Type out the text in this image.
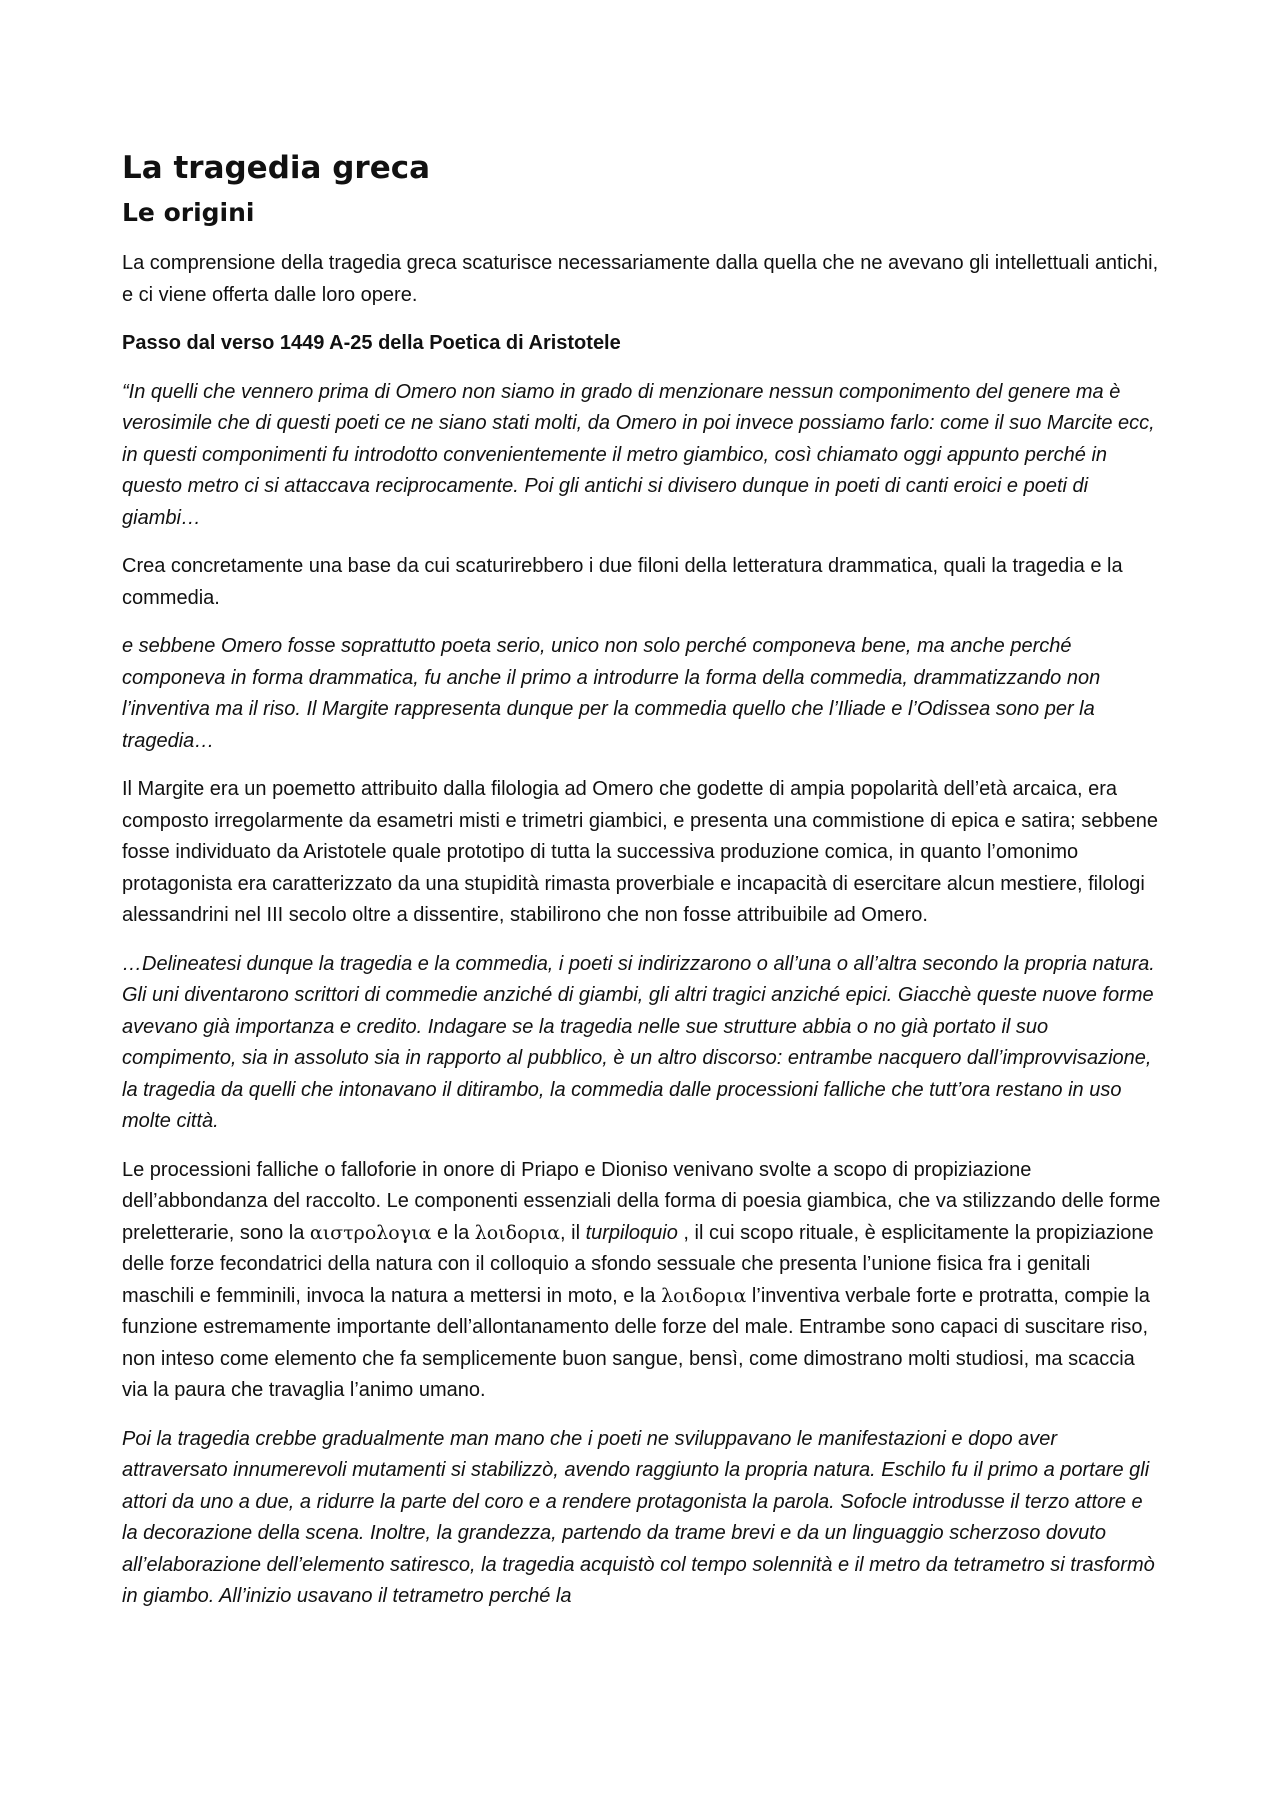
La tragedia greca
Le origini

La comprensione della tragedia greca scaturisce necessariamente dalla quella che ne avevano gli intellettuali antichi, e ci viene offerta dalle loro opere.

Passo dal verso 1449 A-25 della Poetica di Aristotele

“In quelli che vennero prima di Omero non siamo in grado di menzionare nessun componimento del genere ma è verosimile che di questi poeti ce ne siano stati molti, da Omero in poi invece possiamo farlo: come il suo Marcite ecc, in questi componimenti fu introdotto convenientemente il metro giambico, così chiamato oggi appunto perché in questo metro ci si attaccava reciprocamente. Poi gli antichi si divisero dunque in poeti di canti eroici e poeti di giambi…

Crea concretamente una base da cui scaturirebbero i due filoni della letteratura drammatica, quali la tragedia e la commedia.

e sebbene Omero fosse soprattutto poeta serio, unico non solo perché componeva bene, ma anche perché componeva in forma drammatica, fu anche il primo a introdurre la forma della commedia, drammatizzando non l’inventiva ma il riso. Il Margite rappresenta dunque per la commedia quello che l’Iliade e l’Odissea sono per la tragedia…

Il Margite era un poemetto attribuito dalla filologia ad Omero che godette di ampia popolarità dell’età arcaica, era composto irregolarmente da esametri misti e trimetri giambici, e presenta una commistione di epica e satira; sebbene fosse individuato da Aristotele quale prototipo di tutta la successiva produzione comica, in quanto l’omonimo protagonista era caratterizzato da una stupidità rimasta proverbiale e incapacità di esercitare alcun mestiere, filologi alessandrini nel III secolo oltre a dissentire, stabilirono che non fosse attribuibile ad Omero.

…Delineatesi dunque la tragedia e la commedia, i poeti si indirizzarono o all’una o all’altra secondo la propria natura. Gli uni diventarono scrittori di commedie anziché di giambi, gli altri tragici anziché epici. Giacchè queste nuove forme avevano già importanza e credito. Indagare se la tragedia nelle sue strutture abbia o no già portato il suo compimento, sia in assoluto sia in rapporto al pubblico, è un altro discorso: entrambe nacquero dall’improvvisazione, la tragedia da quelli che intonavano il ditirambo, la commedia dalle processioni falliche che tutt’ora restano in uso molte città.

Le processioni falliche o falloforie in onore di Priapo e Dioniso venivano svolte a scopo di propiziazione dell’abbondanza del raccolto. Le componenti essenziali della forma di poesia giambica, che va stilizzando delle forme preletterarie, sono la αιστρολογια e la λοιδορια, il turpiloquio , il cui scopo rituale, è esplicitamente la propiziazione delle forze fecondatrici della natura con il colloquio a sfondo sessuale che presenta l’unione fisica fra i genitali maschili e femminili, invoca la natura a mettersi in moto, e la λοιδορια l’inventiva verbale forte e protratta, compie la funzione estremamente importante dell’allontanamento delle forze del male. Entrambe sono capaci di suscitare riso, non inteso come elemento che fa semplicemente buon sangue, bensì, come dimostrano molti studiosi, ma scaccia via la paura che travaglia l’animo umano.

Poi la tragedia crebbe gradualmente man mano che i poeti ne sviluppavano le manifestazioni e dopo aver attraversato innumerevoli mutamenti si stabilizzò, avendo raggiunto la propria natura. Eschilo fu il primo a portare gli attori da uno a due, a ridurre la parte del coro e a rendere protagonista la parola. Sofocle introdusse il terzo attore e la decorazione della scena. Inoltre, la grandezza, partendo da trame brevi e da un linguaggio scherzoso dovuto all’elaborazione dell’elemento satiresco, la tragedia acquistò col tempo solennità e il metro da tetrametro si trasformò in giambo. All’inizio usavano il tetrametro perché la
